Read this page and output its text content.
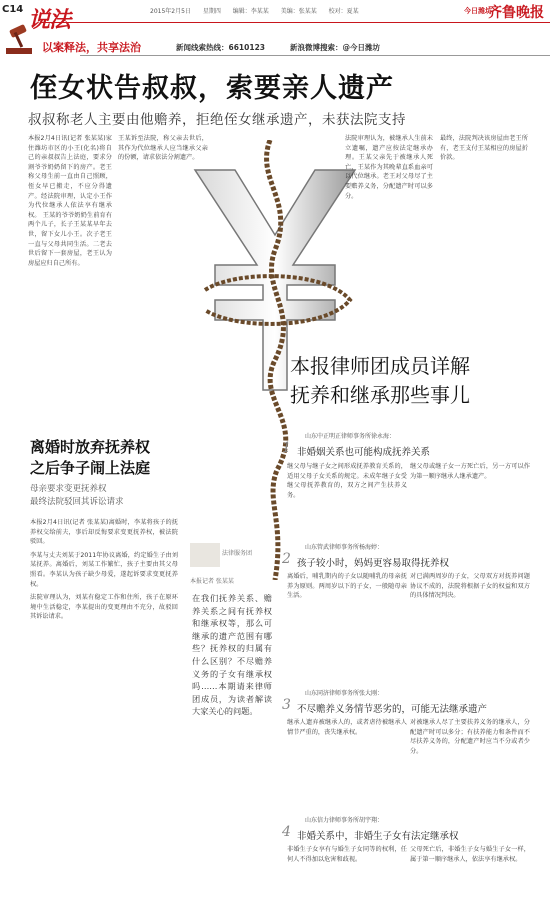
C14 说法
以案释法，共享法治
2015年2月5日 星期四 编辑：李某某 美编：张某某 校对：夏某	今日潍坊
齐鲁晚报
新闻线索热线：6610123	新浪微博搜索：@今日潍坊
侄女状告叔叔，索要亲人遗产
叔叔称老人主要由他赡养，拒绝侄女继承遗产，未获法院支持
本报2月4日讯(记者 张某某)家住潍坊市区的小王(化名)将自己的亲叔叔告上法庭，要求分割爷爷奶奶留下的房产。老王称父母生前一直由自己照顾，侄女早已搬走，不应分得遗产。经法院审理，认定小王作为代位继承人依法享有继承权。 王某的爷爷奶奶生前育有两个儿子，长子王某某早年去世，留下女儿小王。次子老王一直与父母共同生活。二老去世后留下一套房屋，老王认为房屋应归自己所有。
王某诉至法院，称父亲去世后，其作为代位继承人应当继承父亲的份额，请求依法分割遗产。
法院审理认为，被继承人生前未立遗嘱，遗产应按法定继承办理。王某父亲先于被继承人死亡，王某作为其晚辈直系血亲可以代位继承。老王对父母尽了主要赡养义务，分配遗产时可以多分。
最终，法院判决该房屋由老王所有，老王支付王某相应的房屋折价款。
离婚时放弃抚养权
之后争子闹上法庭
母亲要求变更抚养权
最终法院驳回其诉讼请求

本报2月4日讯(记者 张某某)离婚时，李某将孩子的抚养权交给前夫，事后却反悔要求变更抚养权，被法院驳回。

李某与丈夫刘某于2011年协议离婚，约定婚生子由刘某抚养。离婚后，刘某工作繁忙，孩子主要由其父母照看。李某认为孩子缺少母爱，遂起诉要求变更抚养权。

法院审理认为，刘某有稳定工作和住所，孩子在原环境中生活稳定，李某提出的变更理由不充分，故驳回其诉讼请求。

法律服务团
本报记者 张某某
在我们抚养关系、赡养关系之间有抚养权和继承权等，那么可继承的遗产范围有哪些？抚养权的归属有什么区别？不尽赡养义务的子女有继承权吗……本期请来律师团成员，为读者解读大家关心的问题。
本报律师团成员详解
抚养和继承那些事儿
山东中正明正律师事务所徐永海：
1 非婚姻关系也可能构成抚养关系
继父母与继子女之间形成抚养教育关系的，适用父母子女关系的规定。未成年继子女受继父母抚养教育的，双方之间产生扶养义务。
继父母或继子女一方死亡后，另一方可以作为第一顺序继承人继承遗产。
山东管武律师事务所杨海婷：
2 孩子较小时，妈妈更容易取得抚养权
离婚后，哺乳期内的子女以随哺乳的母亲抚养为原则。两周岁以下的子女，一般随母亲生活。
对已满两周岁的子女，父母双方对抚养问题协议不成的，法院将根据子女的权益和双方的具体情况判决。
山东同济律师事务所张大刚：
3 不尽赡养义务情节恶劣的，可能无法继承遗产
继承人遗弃被继承人的，或者虐待被继承人情节严重的，丧失继承权。
对被继承人尽了主要扶养义务的继承人，分配遗产时可以多分；有扶养能力和条件而不尽扶养义务的，分配遗产时应当不分或者少分。
山东信力律师事务所胡宇翔：
4 非婚关系中，非婚生子女有法定继承权
非婚生子女享有与婚生子女同等的权利，任何人不得加以危害和歧视。
父母死亡后，非婚生子女与婚生子女一样，属于第一顺序继承人，依法享有继承权。
